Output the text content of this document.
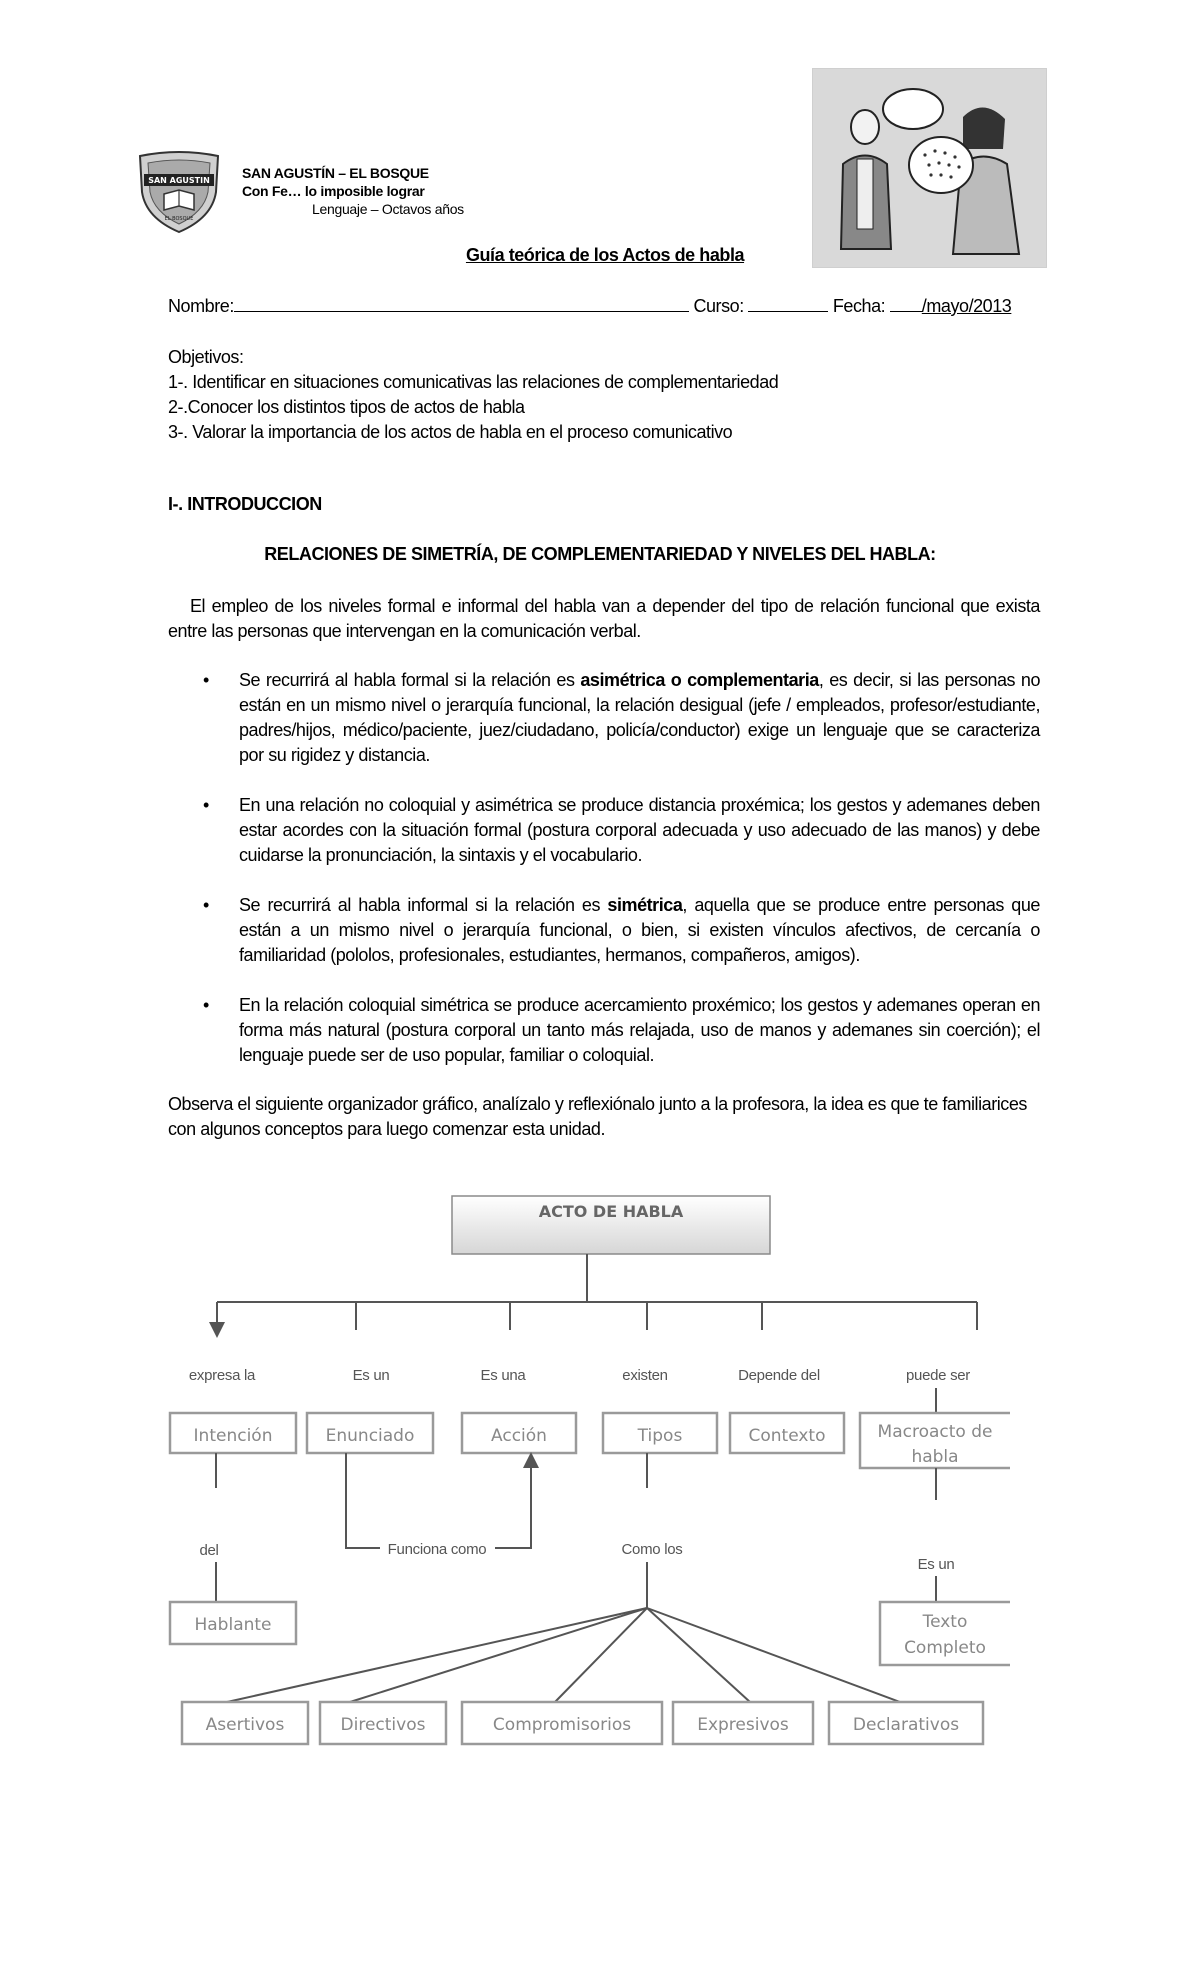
SAN AGUSTIN
EL BOSQUE
SAN AGUSTÍN – EL BOSQUE
Con Fe… lo imposible lograr
Lenguaje – Octavos años
Guía teórica de los Actos de habla
Nombre:	Curso:	Fecha: /mayo/2013
Objetivos:
1-. Identificar en situaciones comunicativas las relaciones de complementariedad
2-.Conocer los distintos tipos de actos de habla
3-. Valorar la importancia de los actos de habla en el proceso comunicativo
I-. INTRODUCCION
RELACIONES DE SIMETRÍA, DE COMPLEMENTARIEDAD Y NIVELES DEL HABLA:
El empleo de los niveles formal e informal del habla van a depender del tipo de relación funcional que exista entre las personas que intervengan en la comunicación verbal.
• Se recurrirá al habla formal si la relación es asimétrica o complementaria, es decir, si las personas no están en un mismo nivel o jerarquía funcional, la relación desigual (jefe / empleados, profesor/estudiante, padres/hijos, médico/paciente, juez/ciudadano, policía/conductor) exige un lenguaje que se caracteriza por su rigidez y distancia.
• En una relación no coloquial y asimétrica se produce distancia proxémica; los gestos y ademanes deben estar acordes con la situación formal (postura corporal adecuada y uso adecuado de las manos) y debe cuidarse la pronunciación, la sintaxis y el vocabulario.
• Se recurrirá al habla informal si la relación es simétrica, aquella que se produce entre personas que están a un mismo nivel o jerarquía funcional, o bien, si existen vínculos afectivos, de cercanía o familiaridad (pololos, profesionales, estudiantes, hermanos, compañeros, amigos).
• En la relación coloquial simétrica se produce acercamiento proxémico; los gestos y ademanes operan en forma más natural (postura corporal un tanto más relajada, uso de manos y ademanes sin coerción); el lenguaje puede ser de uso popular, familiar o coloquial.
Observa el siguiente organizador gráfico, analízalo y reflexiónalo junto a la profesora, la idea es que te familiarices con algunos conceptos para luego comenzar esta unidad.
ACTO DE HABLA
expresa la	Es un	Es una	existen	Depende del	puede ser
Intención	Enunciado	Acción	Tipos	Contexto	Macroacto de
habla
del
Hablante
Funciona como	Como los
Es un
Texto
Completo
Asertivos	Directivos	Compromisorios	Expresivos	Declarativos
